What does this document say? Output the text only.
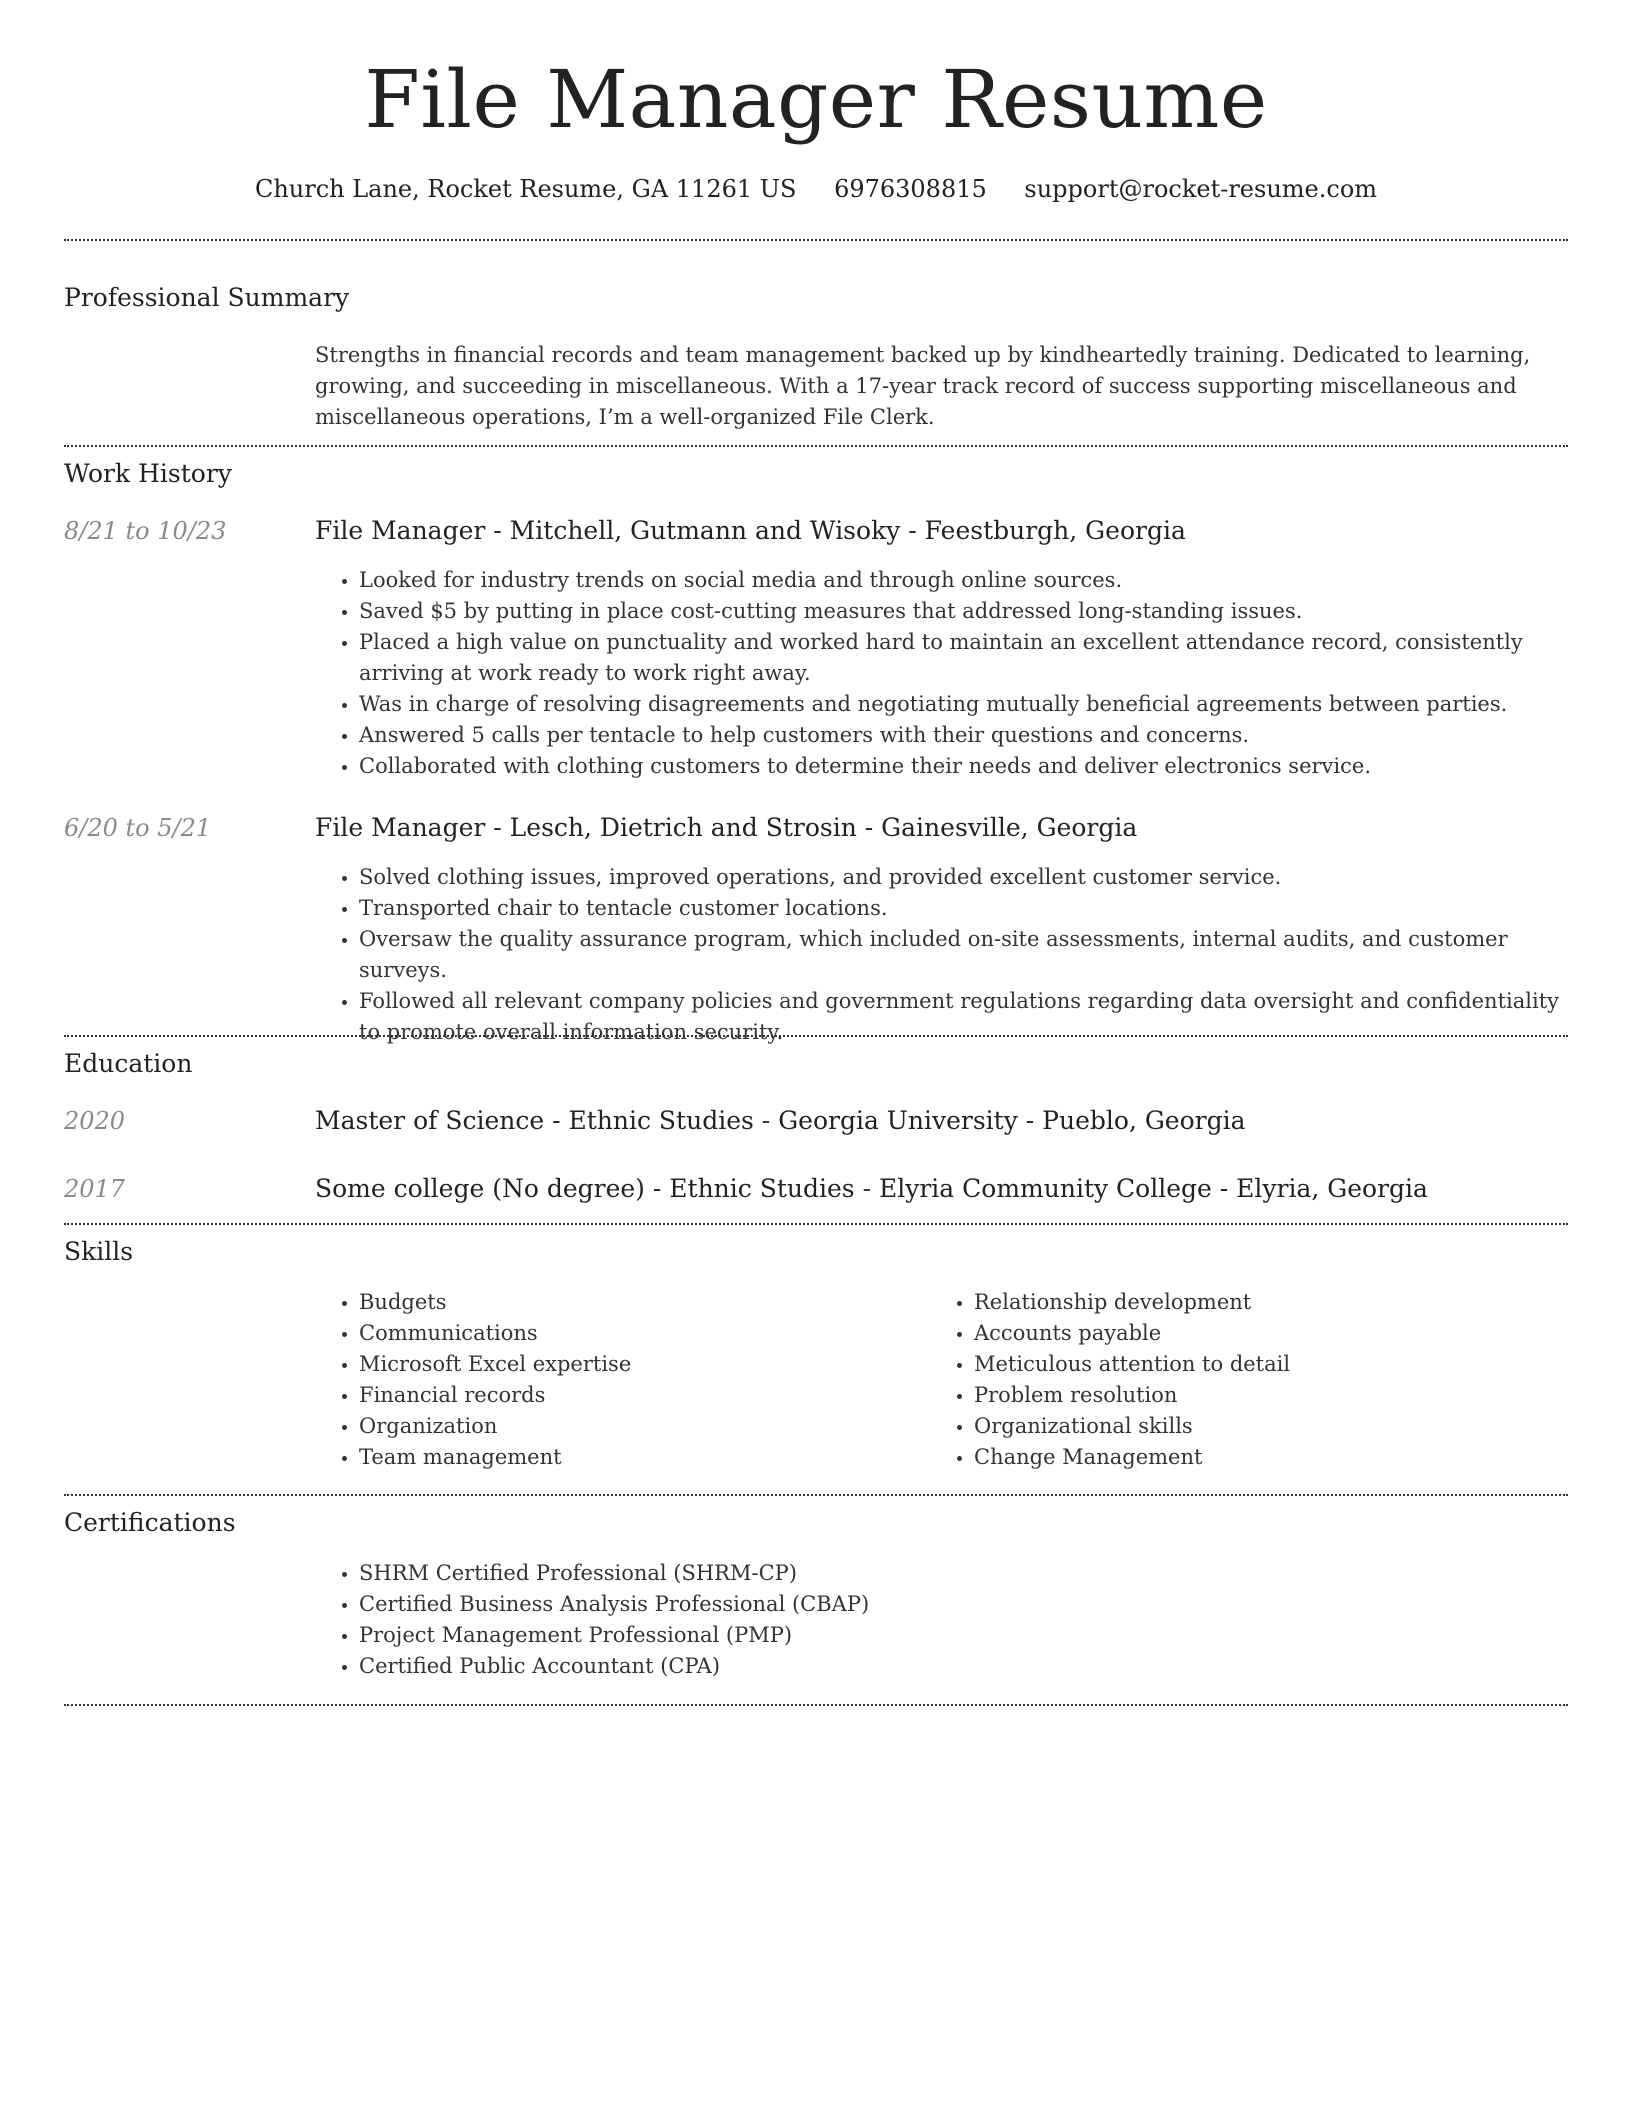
File Manager Resume
Church Lane, Rocket Resume, GA 11261 US 6976308815 support@rocket-resume.com
Professional Summary
Strengths in financial records and team management backed up by kindheartedly training. Dedicated to learning, growing, and succeeding in miscellaneous. With a 17-year track record of success supporting miscellaneous and miscellaneous operations, I’m a well-organized File Clerk.
Work History
8/21 to 10/23	File Manager - Mitchell, Gutmann and Wisoky - Feestburgh, Georgia
• Looked for industry trends on social media and through online sources.
• Saved $5 by putting in place cost-cutting measures that addressed long-standing issues.
• Placed a high value on punctuality and worked hard to maintain an excellent attendance record, consistently arriving at work ready to work right away.
• Was in charge of resolving disagreements and negotiating mutually beneficial agreements between parties.
• Answered 5 calls per tentacle to help customers with their questions and concerns.
• Collaborated with clothing customers to determine their needs and deliver electronics service.
6/20 to 5/21	File Manager - Lesch, Dietrich and Strosin - Gainesville, Georgia
• Solved clothing issues, improved operations, and provided excellent customer service.
• Transported chair to tentacle customer locations.
• Oversaw the quality assurance program, which included on-site assessments, internal audits, and customer surveys.
• Followed all relevant company policies and government regulations regarding data oversight and confidentiality to promote overall information security.
Education
2020	Master of Science - Ethnic Studies - Georgia University - Pueblo, Georgia
2017	Some college (No degree) - Ethnic Studies - Elyria Community College - Elyria, Georgia
Skills
• Budgets
• Communications
• Microsoft Excel expertise
• Financial records
• Organization
• Team management
• Relationship development
• Accounts payable
• Meticulous attention to detail
• Problem resolution
• Organizational skills
• Change Management
Certifications
• SHRM Certified Professional (SHRM-CP)
• Certified Business Analysis Professional (CBAP)
• Project Management Professional (PMP)
• Certified Public Accountant (CPA)
